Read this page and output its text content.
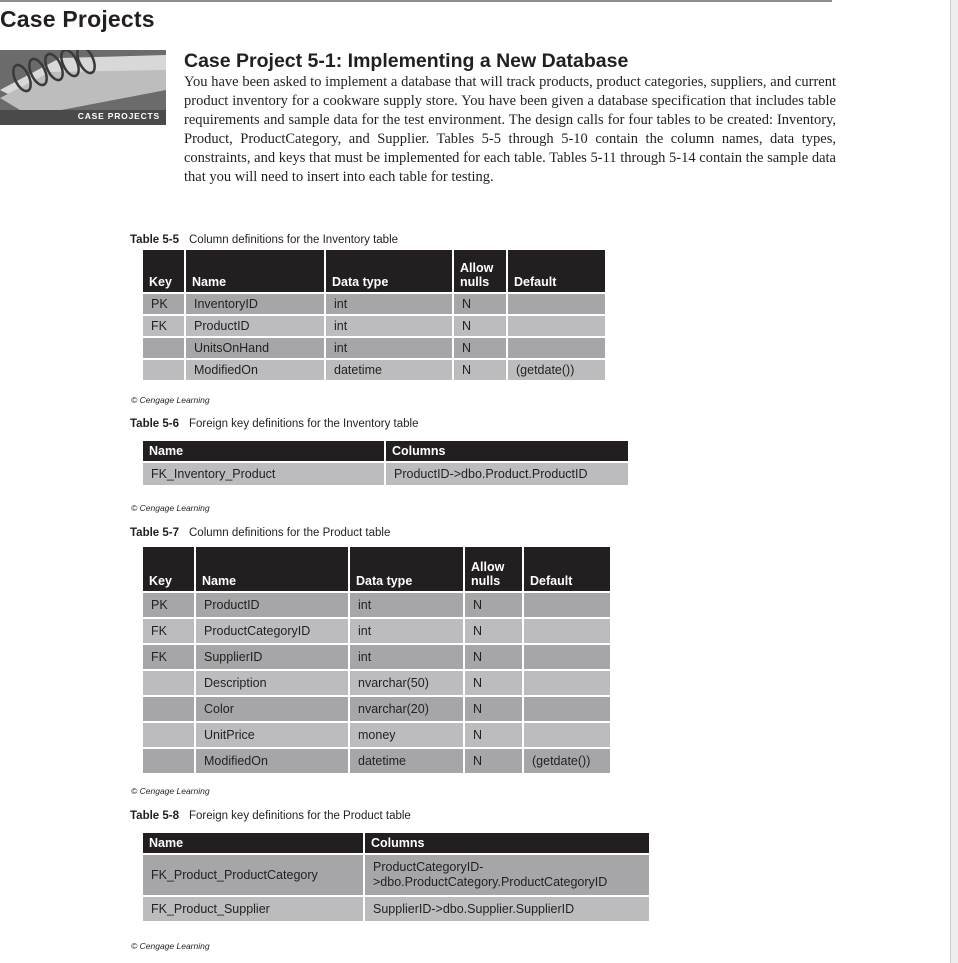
Case Projects
CASE PROJECTS
Case Project 5-1: Implementing a New Database

You have been asked to implement a database that will track products, product categories, suppliers, and current product inventory for a cookware supply store. You have been given a database specification that includes table requirements and sample data for the test environment. The design calls for four tables to be created: Inventory, Product, ProductCategory, and Supplier. Tables 5-5 through 5-10 contain the column names, data types, constraints, and keys that must be implemented for each table. Tables 5-11 through 5-14 contain the sample data that you will need to insert into each table for testing.

Table 5-5 Column definitions for the Inventory table
Key	Name	Data type	Allow nulls	Default
PK	InventoryID	int	N	
FK	ProductID	int	N	
	UnitsOnHand	int	N	
	ModifiedOn	datetime	N	(getdate())
© Cengage Learning
Table 5-6 Foreign key definitions for the Inventory table
Name	Columns
FK_Inventory_Product	ProductID->dbo.Product.ProductID
© Cengage Learning
Table 5-7 Column definitions for the Product table
Key	Name	Data type	Allow nulls	Default
PK	ProductID	int	N	
FK	ProductCategoryID	int	N	
FK	SupplierID	int	N	
	Description	nvarchar(50)	N	
	Color	nvarchar(20)	N	
	UnitPrice	money	N	
	ModifiedOn	datetime	N	(getdate())
© Cengage Learning
Table 5-8 Foreign key definitions for the Product table
Name	Columns
FK_Product_ProductCategory	ProductCategoryID->dbo.ProductCategory.ProductCategoryID
FK_Product_Supplier	SupplierID->dbo.Supplier.SupplierID
© Cengage Learning
